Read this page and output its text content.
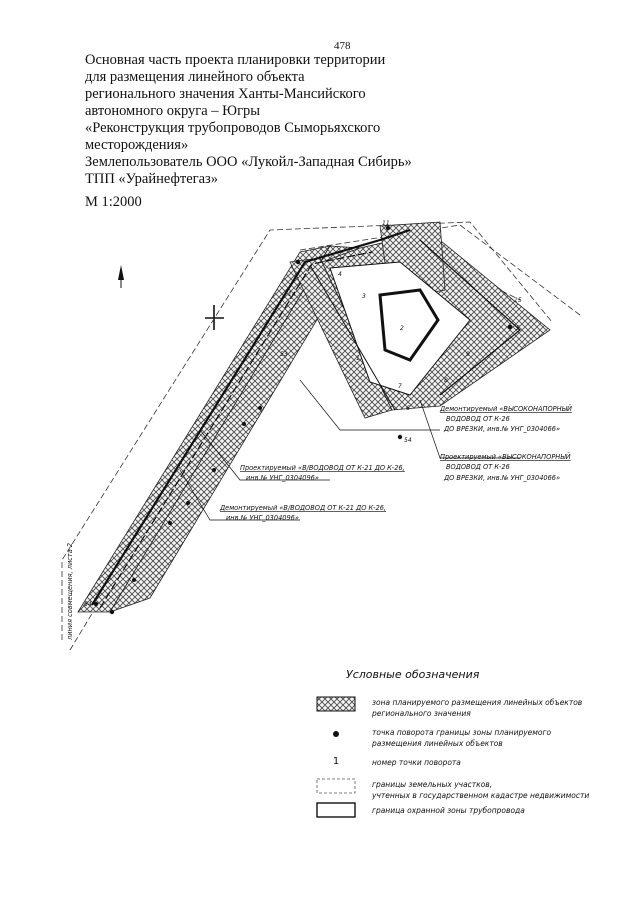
478
Основная часть проекта планировки территории
для размещения линейного объекта
регионального значения Ханты-Мансийского
автономного округа – Югры
«Реконструкция трубопроводов Сыморьяхского
месторождения»
Землепользователь ООО «Лукойл-Западная Сибирь»
ТПП «Урайнефтегаз»
М 1:2000
11
15
5
9
8
7
6
54
53
14
4
3
2
1
64
Демонтируемый «ВЫСОКОНАПОРНЫЙ
ВОДОВОД ОТ К-26
ДО ВРЕЗКИ, инв.№ УНГ_0304066»
Проектируемый «ВЫСОКОНАПОРНЫЙ
ВОДОВОД ОТ К-26
ДО ВРЕЗКИ, инв.№ УНГ_0304066»
Проектируемый «В/ВОДОВОД ОТ К-21 ДО К-26,
инв.№ УНГ_0304096»
Демонтируемый «В/ВОДОВОД ОТ К-21 ДО К-26,
инв.№ УНГ_0304096»
линия совмещения, листа 2
Условные обозначения
зона планируемого размещения линейных объектов
регионального значения
точка поворота границы зоны планируемого
размещения линейных объектов
1	номер точки поворота
границы земельных участков,
учтенных в государственном кадастре недвижимости
граница охранной зоны трубопровода
